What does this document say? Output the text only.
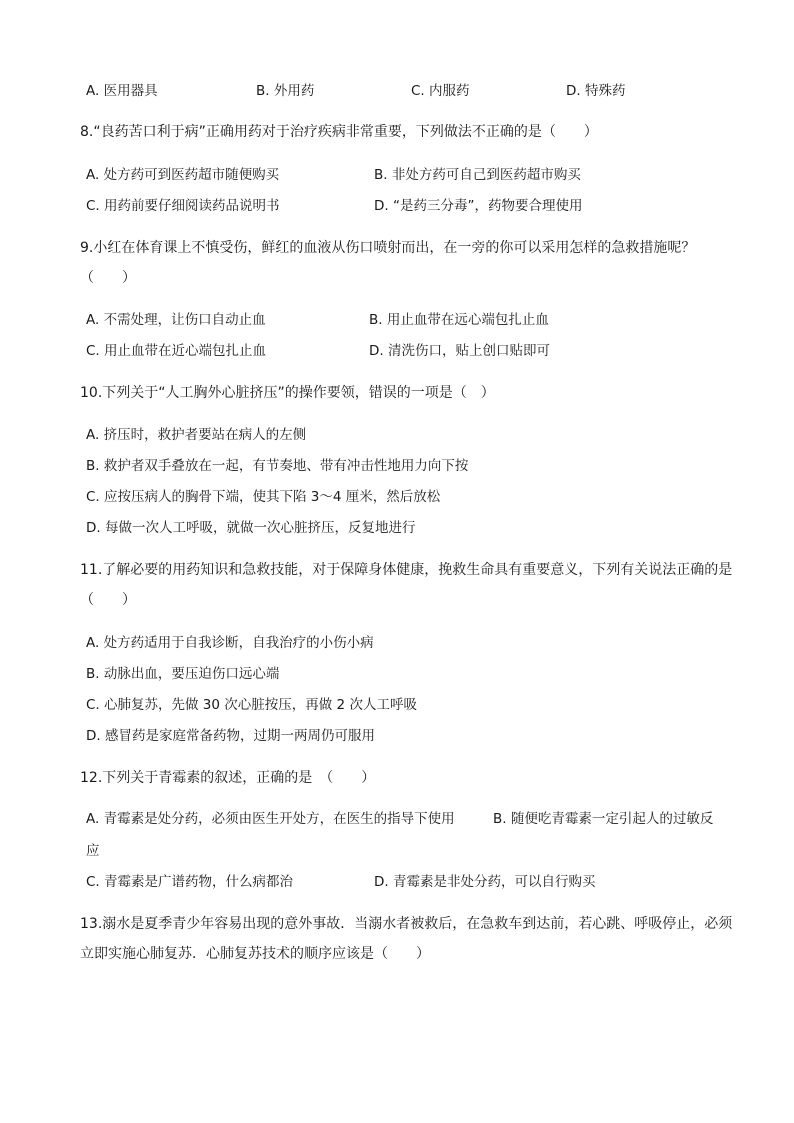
A. 医用器具	B. 外用药	C. 内服药	D. 特殊药
8.“良药苦口利于病”正确用药对于治疗疾病非常重要，下列做法不正确的是（　　）
A. 处方药可到医药超市随便购买	B. 非处方药可自己到医药超市购买
C. 用药前要仔细阅读药品说明书	D. “是药三分毒”，药物要合理使用
9.小红在体育课上不慎受伤，鲜红的血液从伤口喷射而出，在一旁的你可以采用怎样的急救措施呢？
（　　）
A. 不需处理，让伤口自动止血	B. 用止血带在远心端包扎止血
C. 用止血带在近心端包扎止血	D. 清洗伤口，贴上创口贴即可
10.下列关于“人工胸外心脏挤压”的操作要领，错误的一项是（　）
A. 挤压时，救护者要站在病人的左侧
B. 救护者双手叠放在一起，有节奏地、带有冲击性地用力向下按
C. 应按压病人的胸骨下端，使其下陷 3～4 厘米，然后放松
D. 每做一次人工呼吸，就做一次心脏挤压，反复地进行
11.了解必要的用药知识和急救技能，对于保障身体健康，挽救生命具有重要意义，下列有关说法正确的是
（　　）
A. 处方药适用于自我诊断，自我治疗的小伤小病
B. 动脉出血，要压迫伤口远心端
C. 心肺复苏，先做 30 次心脏按压，再做 2 次人工呼吸
D. 感冒药是家庭常备药物，过期一两周仍可服用
12.下列关于青霉素的叙述，正确的是　（　　）
A. 青霉素是处分药，必须由医生开处方，在医生的指导下使用	B. 随便吃青霉素一定引起人的过敏反
应
C. 青霉素是广谱药物，什么病都治	D. 青霉素是非处分药，可以自行购买
13.溺水是夏季青少年容易出现的意外事故．当溺水者被救后，在急救车到达前，若心跳、呼吸停止，必须
立即实施心肺复苏．心肺复苏技术的顺序应该是（　　）
